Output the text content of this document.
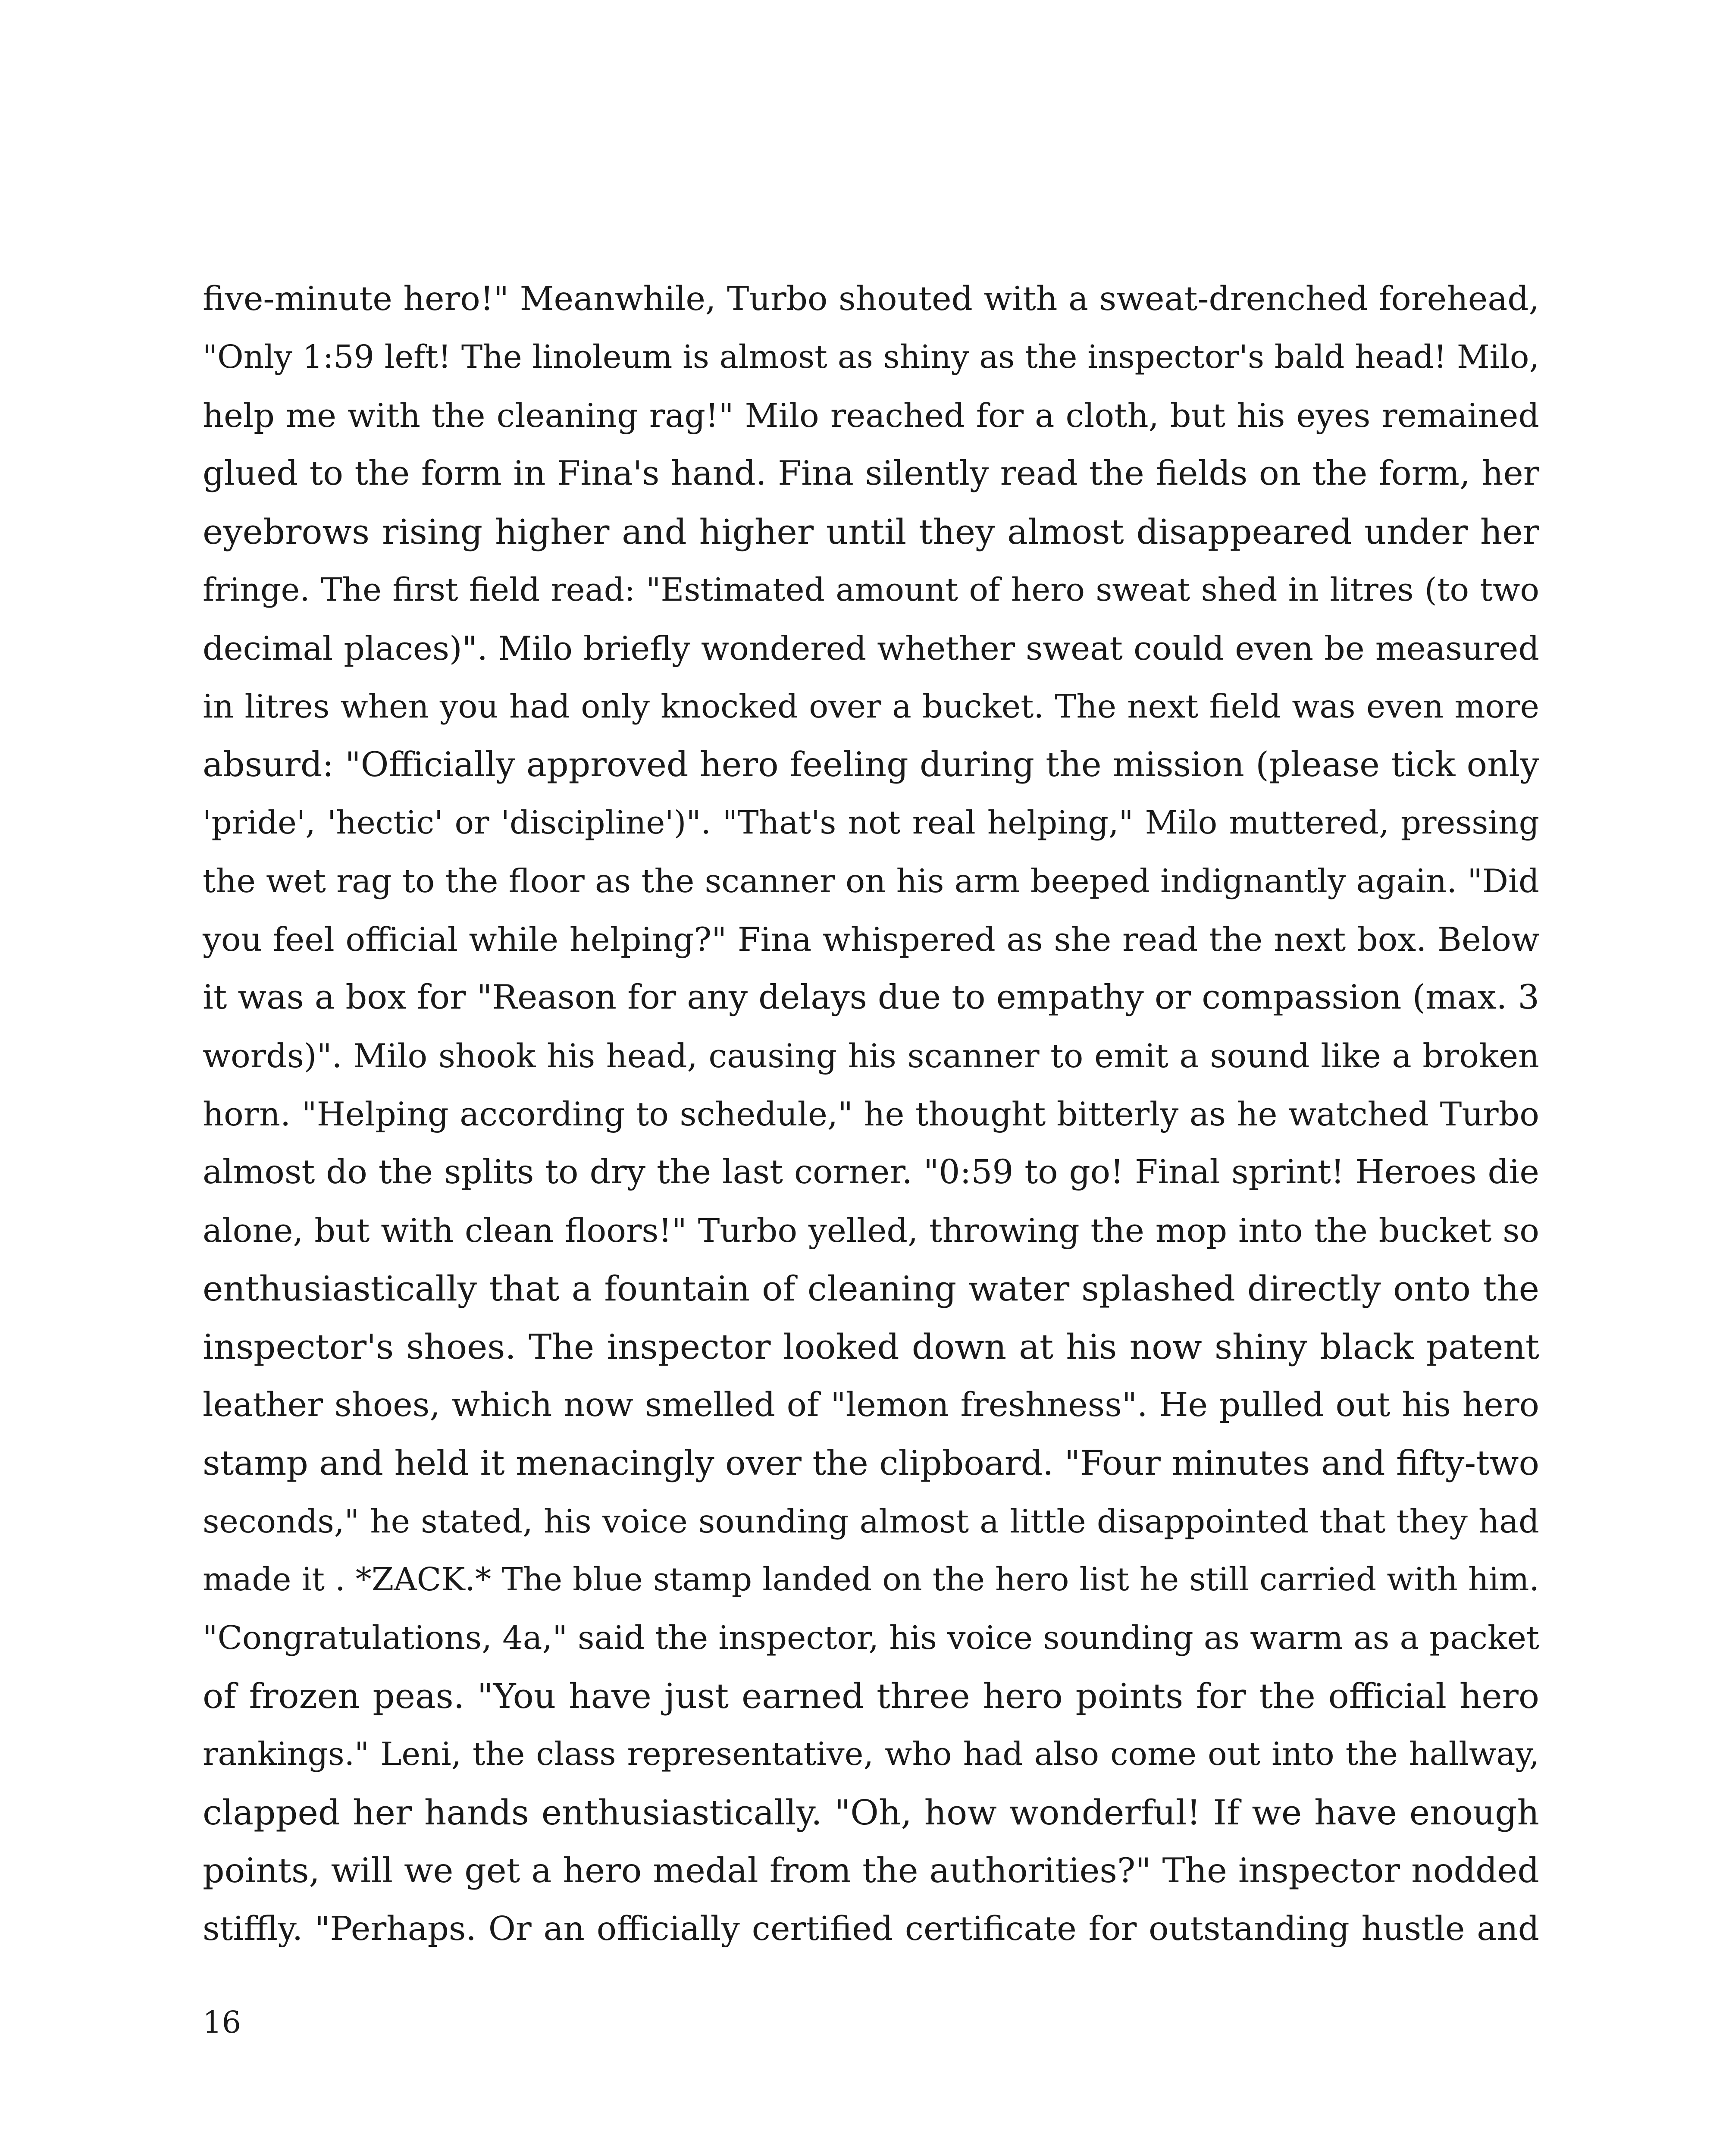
five-minute hero!" Meanwhile, Turbo shouted with a sweat-drenched forehead,
"Only 1:59 left! The linoleum is almost as shiny as the inspector's bald head! Milo,
help me with the cleaning rag!" Milo reached for a cloth, but his eyes remained
glued to the form in Fina's hand. Fina silently read the fields on the form, her
eyebrows rising higher and higher until they almost disappeared under her
fringe. The first field read: "Estimated amount of hero sweat shed in litres (to two
decimal places)". Milo briefly wondered whether sweat could even be measured
in litres when you had only knocked over a bucket. The next field was even more
absurd: "Officially approved hero feeling during the mission (please tick only
'pride', 'hectic' or 'discipline')". "That's not real helping," Milo muttered, pressing
the wet rag to the floor as the scanner on his arm beeped indignantly again. "Did
you feel official while helping?" Fina whispered as she read the next box. Below
it was a box for "Reason for any delays due to empathy or compassion (max. 3
words)". Milo shook his head, causing his scanner to emit a sound like a broken
horn. "Helping according to schedule," he thought bitterly as he watched Turbo
almost do the splits to dry the last corner. "0:59 to go! Final sprint! Heroes die
alone, but with clean floors!" Turbo yelled, throwing the mop into the bucket so
enthusiastically that a fountain of cleaning water splashed directly onto the
inspector's shoes. The inspector looked down at his now shiny black patent
leather shoes, which now smelled of "lemon freshness". He pulled out his hero
stamp and held it menacingly over the clipboard. "Four minutes and fifty-two
seconds," he stated, his voice sounding almost a little disappointed that they had
made it . *ZACK.* The blue stamp landed on the hero list he still carried with him.
"Congratulations, 4a," said the inspector, his voice sounding as warm as a packet
of frozen peas. "You have just earned three hero points for the official hero
rankings." Leni, the class representative, who had also come out into the hallway,
clapped her hands enthusiastically. "Oh, how wonderful! If we have enough
points, will we get a hero medal from the authorities?" The inspector nodded
stiffly. "Perhaps. Or an officially certified certificate for outstanding hustle and
16
